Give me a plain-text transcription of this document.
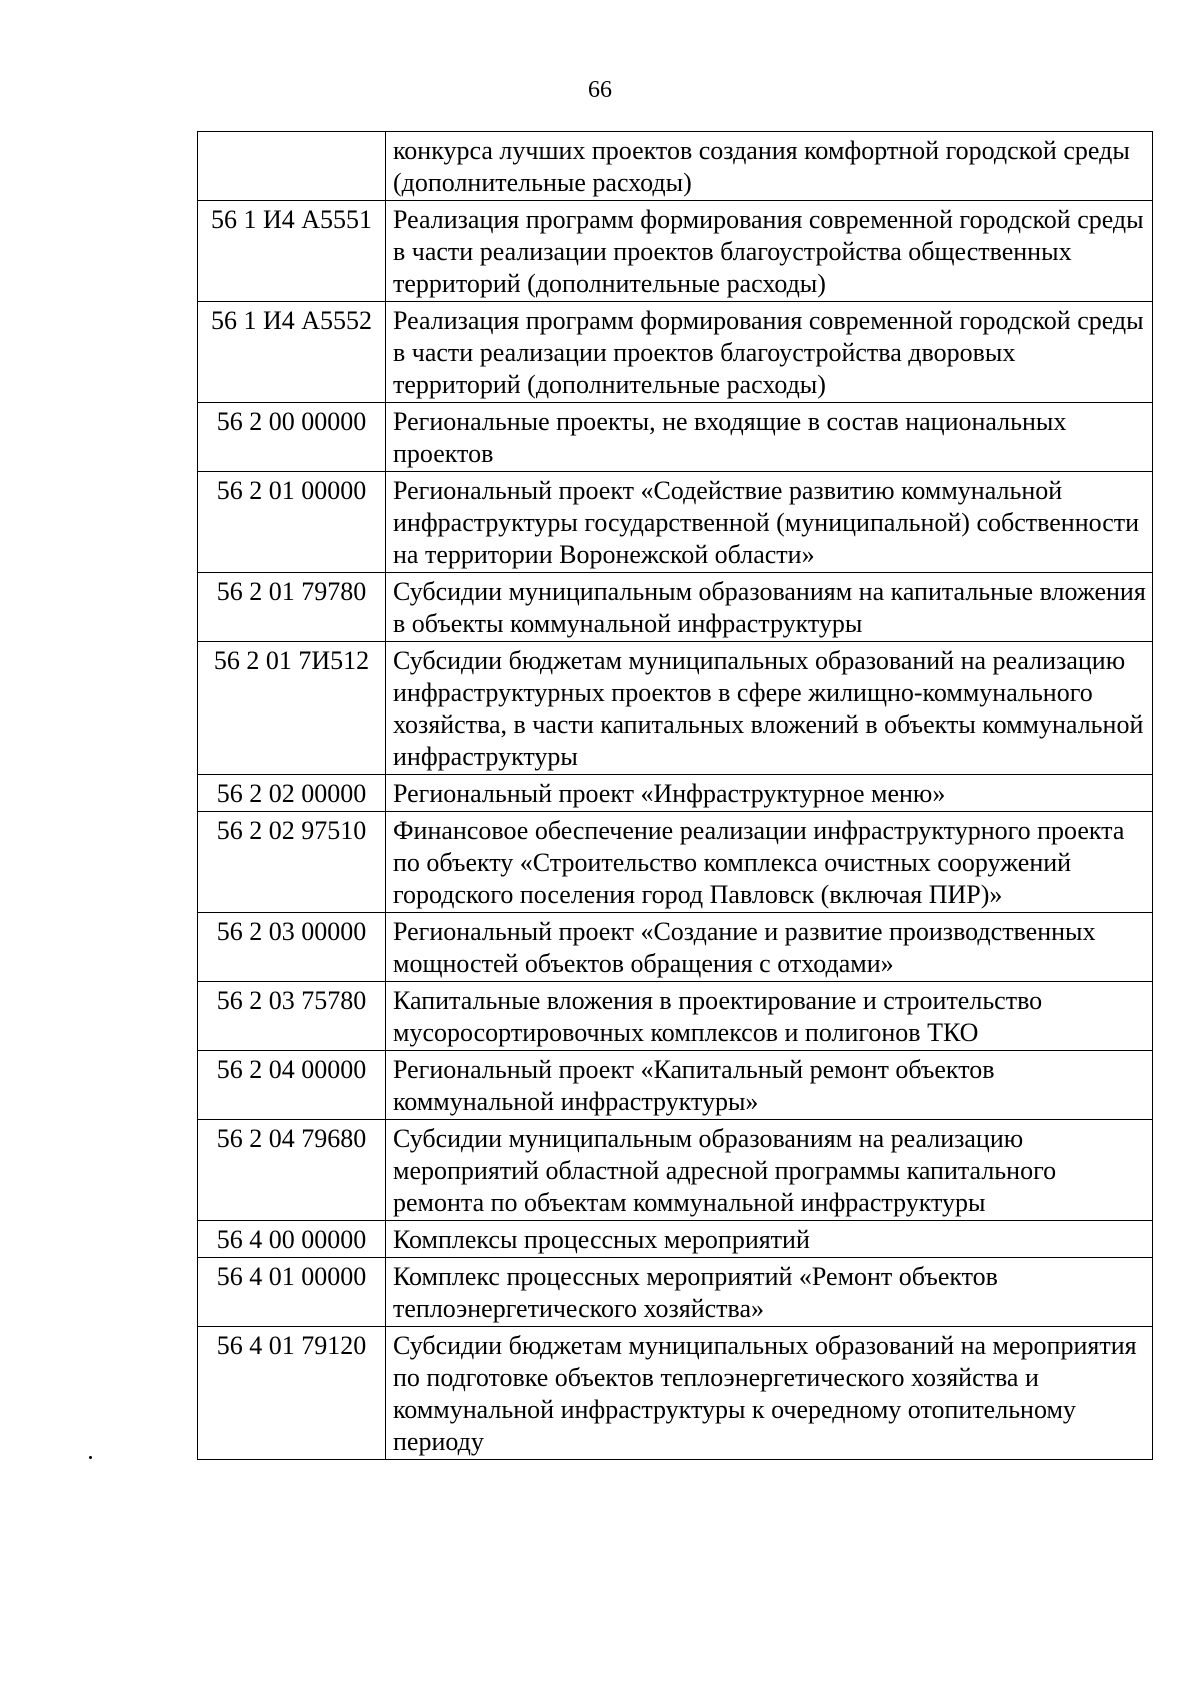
66
	конкурса лучших проектов создания комфортной городской среды (дополнительные расходы)
56 1 И4 А5551	Реализация программ формирования современной городской среды в части реализации проектов благоустройства общественных территорий (дополнительные расходы)
56 1 И4 А5552	Реализация программ формирования современной городской среды в части реализации проектов благоустройства дворовых территорий (дополнительные расходы)
56 2 00 00000	Региональные проекты, не входящие в состав национальных проектов
56 2 01 00000	Региональный проект «Содействие развитию коммунальной инфраструктуры государственной (муниципальной) собственности на территории Воронежской области»
56 2 01 79780	Субсидии муниципальным образованиям на капитальные вложения в объекты коммунальной инфраструктуры
56 2 01 7И512	Субсидии бюджетам муниципальных образований на реализацию инфраструктурных проектов в сфере жилищно-коммунального хозяйства, в части капитальных вложений в объекты коммунальной инфраструктуры
56 2 02 00000	Региональный проект «Инфраструктурное меню»
56 2 02 97510	Финансовое обеспечение реализации инфраструктурного проекта по объекту «Строительство комплекса очистных сооружений городского поселения город Павловск (включая ПИР)»
56 2 03 00000	Региональный проект «Создание и развитие производственных мощностей объектов обращения с отходами»
56 2 03 75780	Капитальные вложения в проектирование и строительство мусоросортировочных комплексов и полигонов ТКО
56 2 04 00000	Региональный проект «Капитальный ремонт объектов коммунальной инфраструктуры»
56 2 04 79680	Субсидии муниципальным образованиям на реализацию мероприятий областной адресной программы капитального ремонта по объектам коммунальной инфраструктуры
56 4 00 00000	Комплексы процессных мероприятий
56 4 01 00000	Комплекс процессных мероприятий «Ремонт объектов теплоэнергетического хозяйства»
56 4 01 79120	Субсидии бюджетам муниципальных образований на мероприятия по подготовке объектов теплоэнергетического хозяйства и коммунальной инфраструктуры к очередному отопительному периоду
